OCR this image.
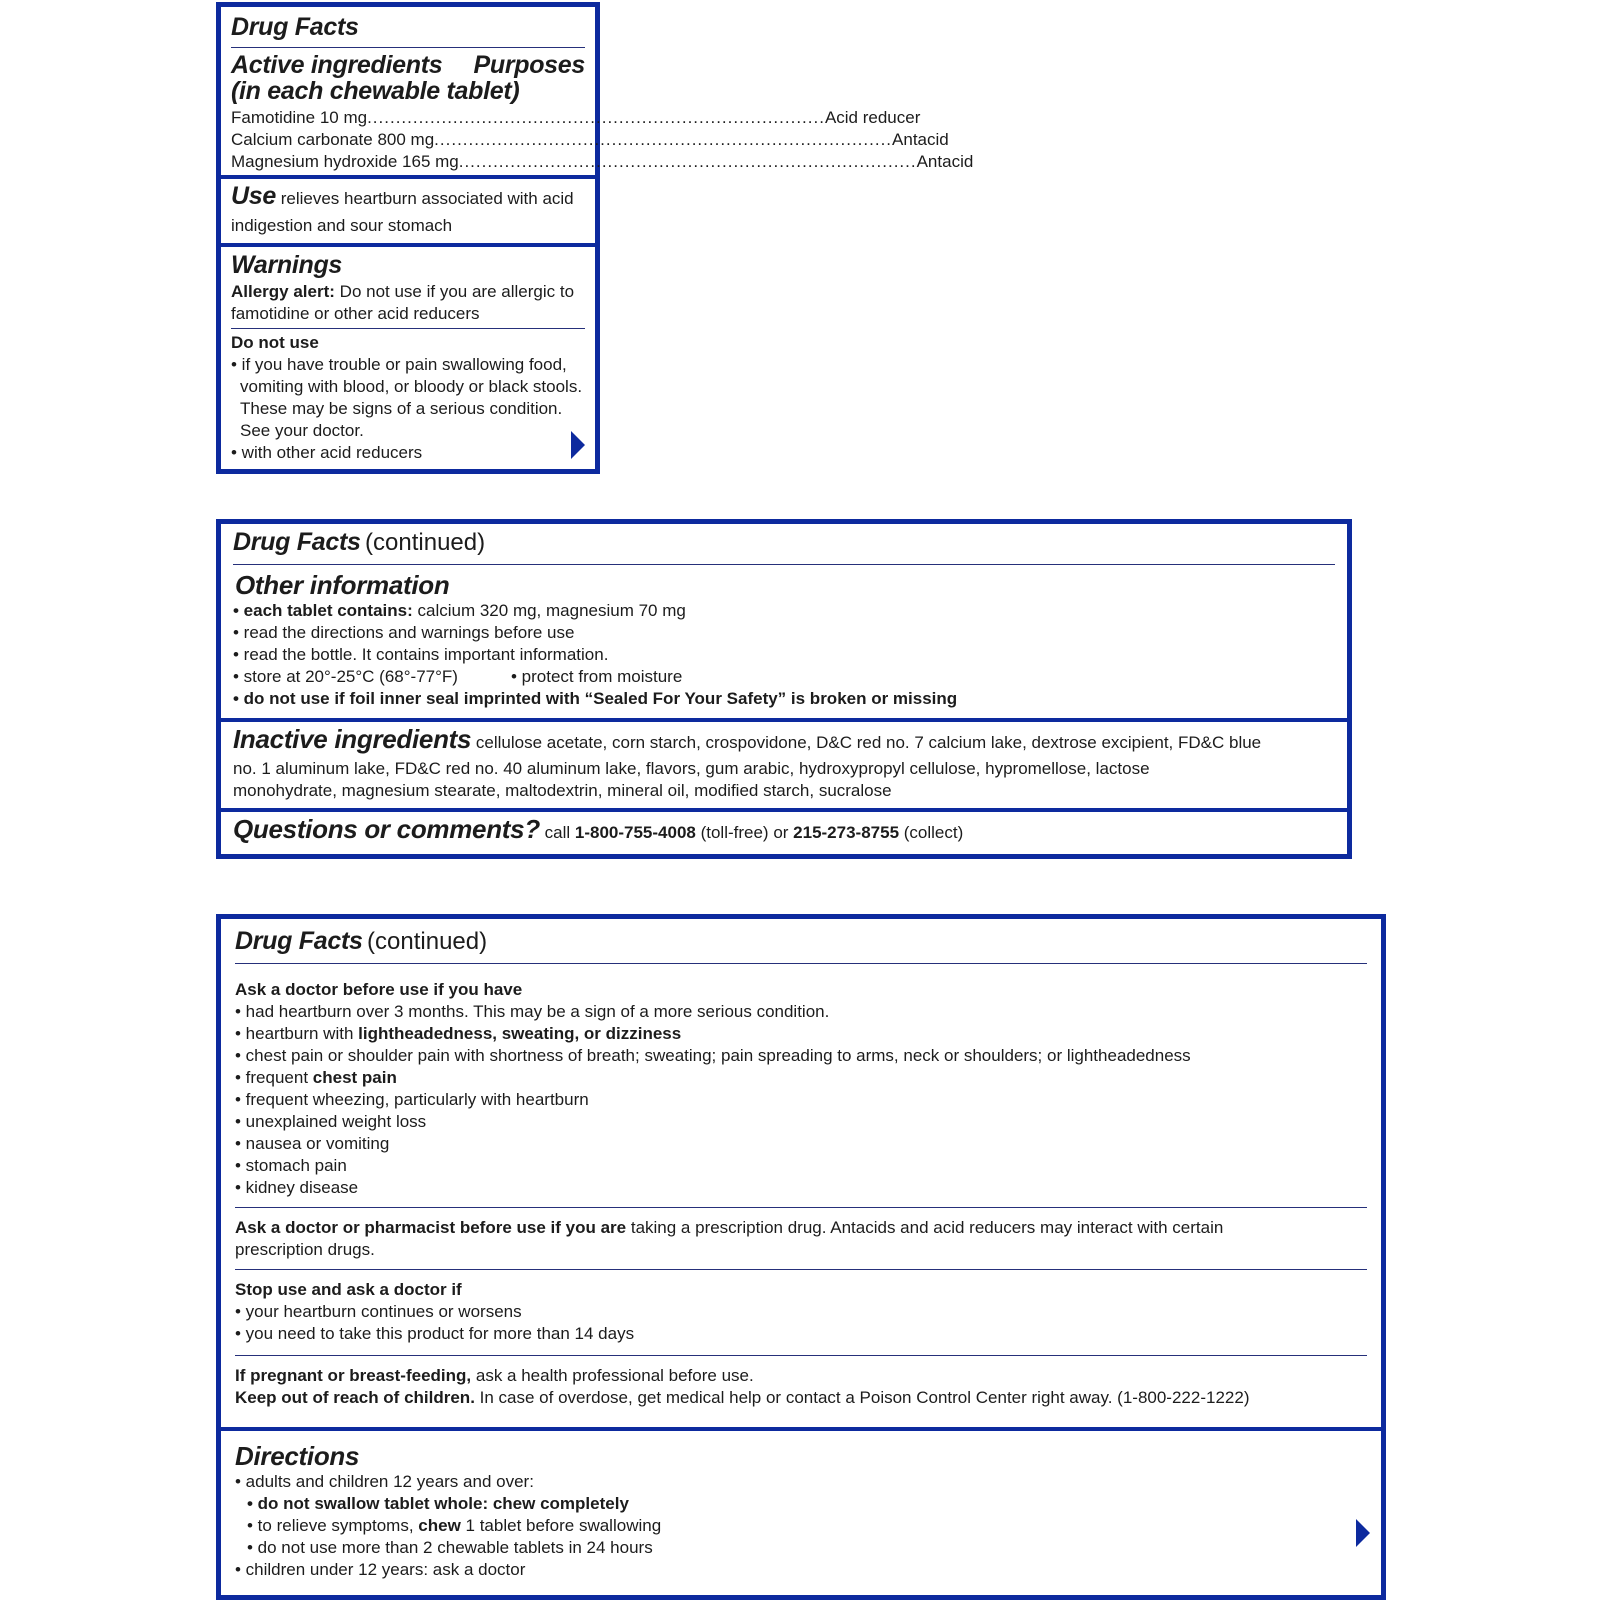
Drug Facts
Active ingredients Purposes
(in each chewable tablet)
Famotidine 10 mg ................................................................................ Acid reducer
Calcium carbonate 800 mg ................................................................................ Antacid
Magnesium hydroxide 165 mg ................................................................................ Antacid
Use relieves heartburn associated with acid
indigestion and sour stomach
Warnings
Allergy alert: Do not use if you are allergic to
famotidine or other acid reducers
Do not use
• if you have trouble or pain swallowing food,
vomiting with blood, or bloody or black stools.
These may be signs of a serious condition.
See your doctor.
• with other acid reducers
Drug Facts (continued)
Other information
• each tablet contains: calcium 320 mg, magnesium 70 mg
• read the directions and warnings before use
• read the bottle. It contains important information.
• store at 20°-25°C (68°-77°F)	• protect from moisture
• do not use if foil inner seal imprinted with “Sealed For Your Safety” is broken or missing
Inactive ingredients cellulose acetate, corn starch, crospovidone, D&C red no. 7 calcium lake, dextrose excipient, FD&C blue
no. 1 aluminum lake, FD&C red no. 40 aluminum lake, flavors, gum arabic, hydroxypropyl cellulose, hypromellose, lactose
monohydrate, magnesium stearate, maltodextrin, mineral oil, modified starch, sucralose
Questions or comments? call 1-800-755-4008 (toll-free) or 215-273-8755 (collect)
Drug Facts (continued)
Ask a doctor before use if you have
• had heartburn over 3 months. This may be a sign of a more serious condition.
• heartburn with lightheadedness, sweating, or dizziness
• chest pain or shoulder pain with shortness of breath; sweating; pain spreading to arms, neck or shoulders; or lightheadedness
• frequent chest pain
• frequent wheezing, particularly with heartburn
• unexplained weight loss
• nausea or vomiting
• stomach pain
• kidney disease
Ask a doctor or pharmacist before use if you are taking a prescription drug. Antacids and acid reducers may interact with certain
prescription drugs.
Stop use and ask a doctor if
• your heartburn continues or worsens
• you need to take this product for more than 14 days
If pregnant or breast-feeding, ask a health professional before use.
Keep out of reach of children. In case of overdose, get medical help or contact a Poison Control Center right away. (1-800-222-1222)
Directions
• adults and children 12 years and over:
• do not swallow tablet whole: chew completely
• to relieve symptoms, chew 1 tablet before swallowing
• do not use more than 2 chewable tablets in 24 hours
• children under 12 years: ask a doctor
